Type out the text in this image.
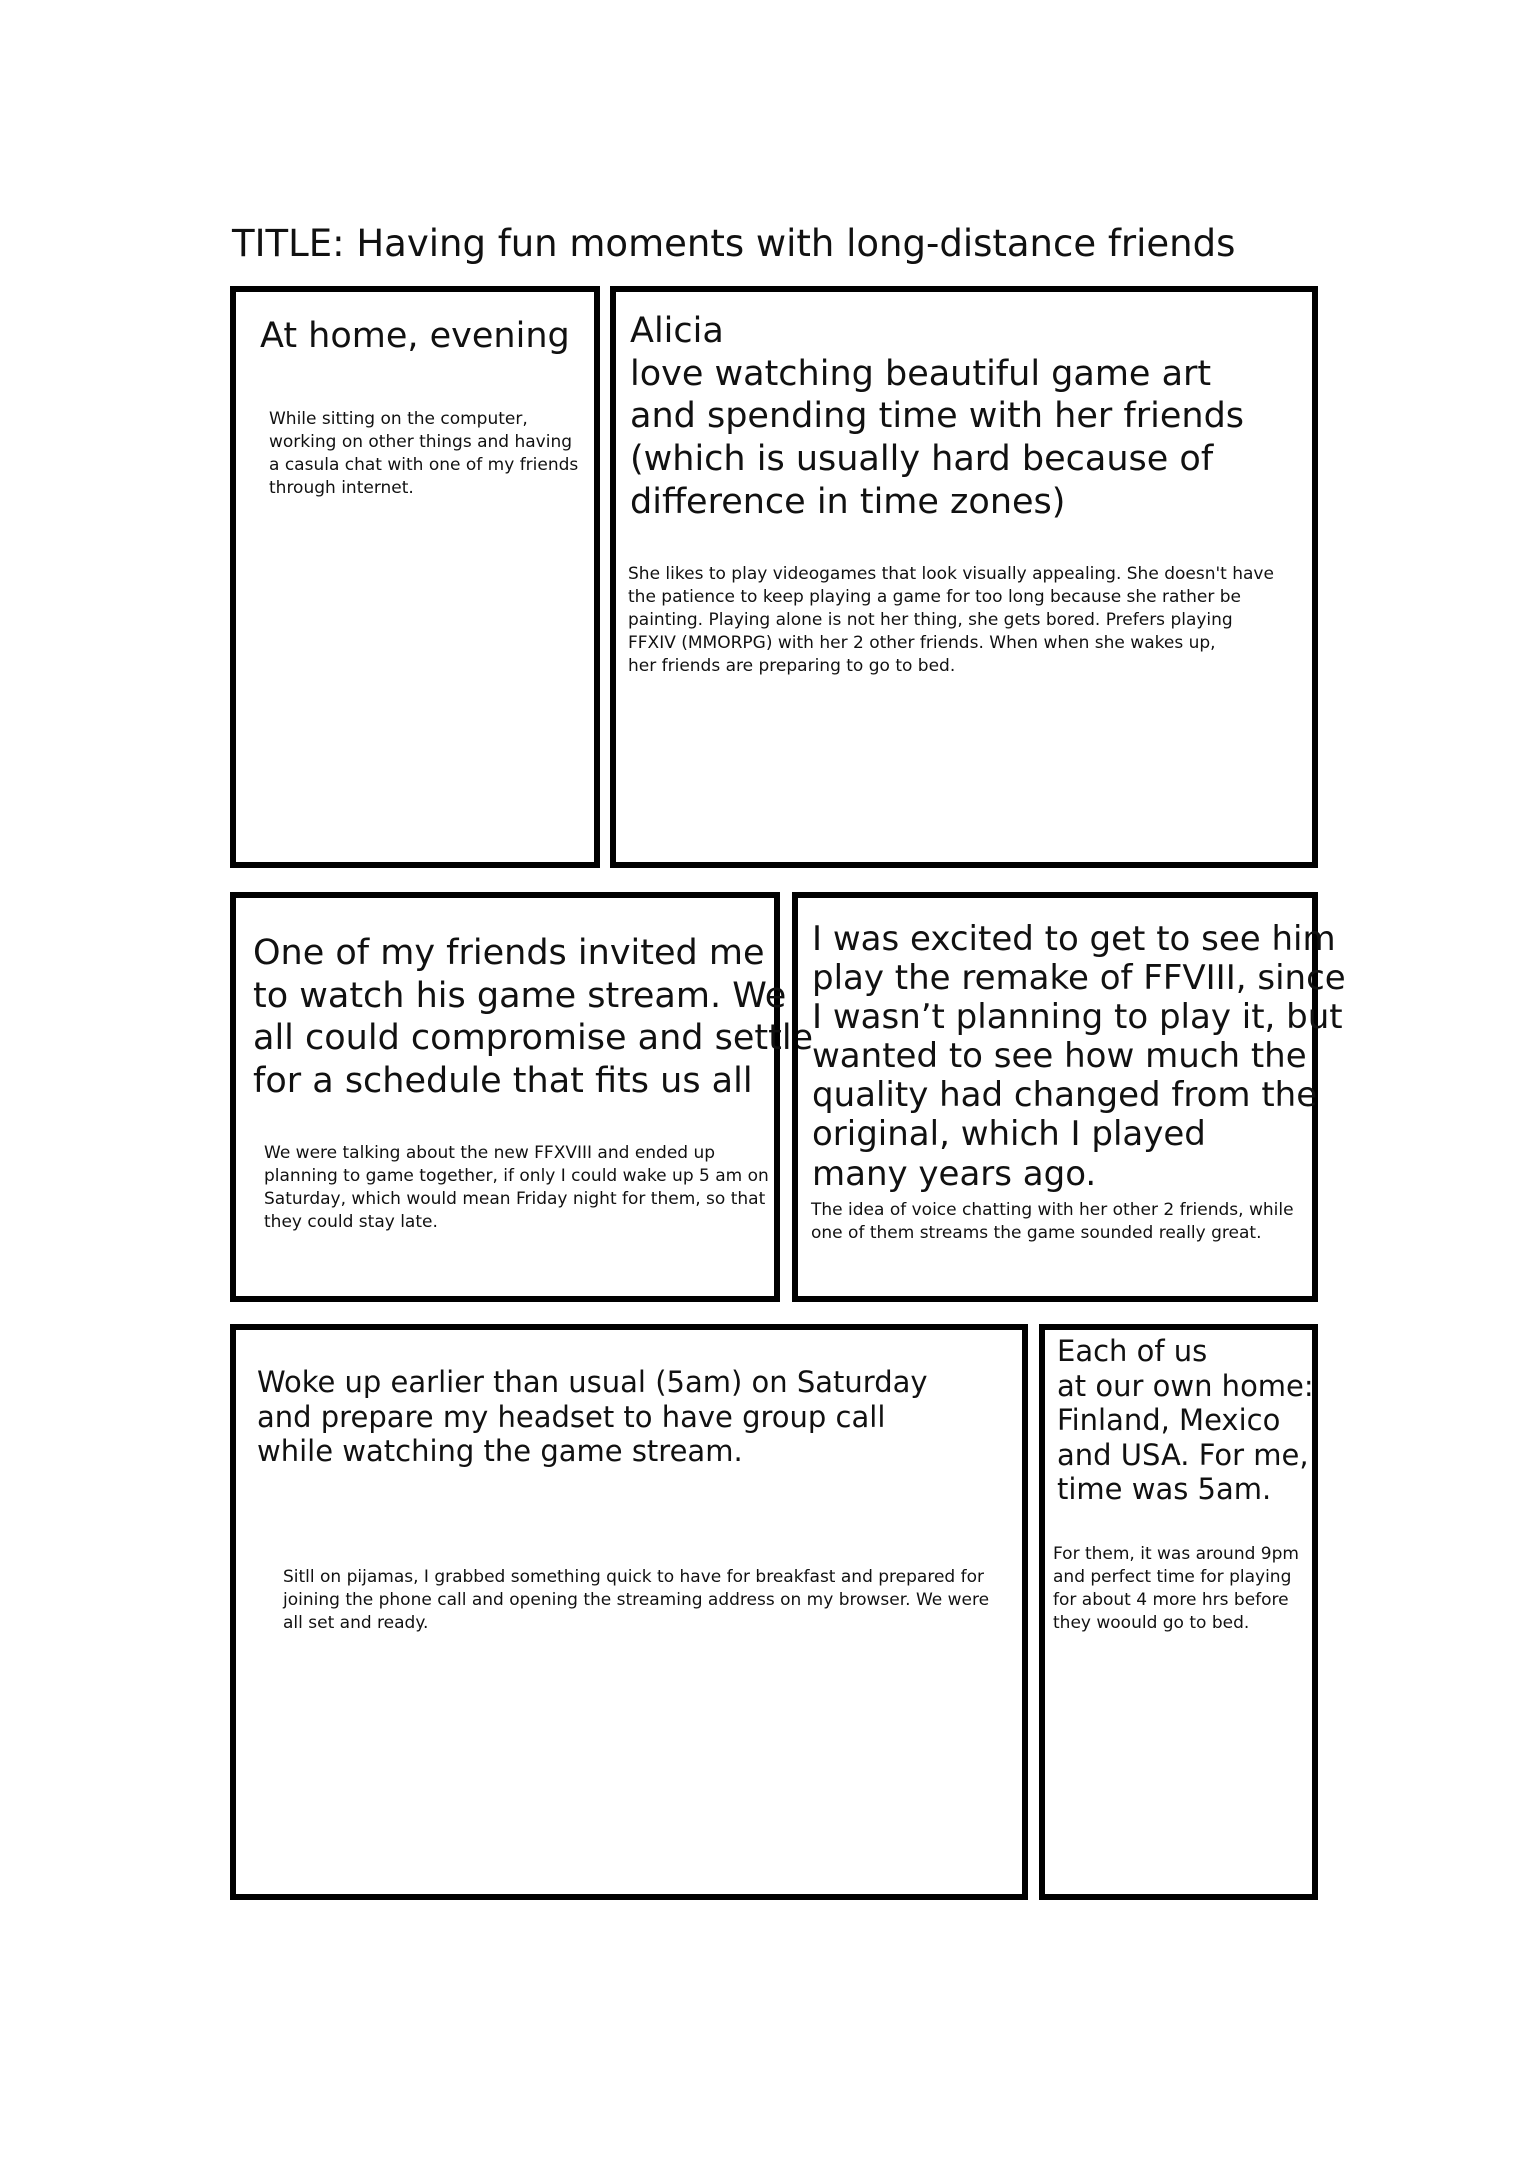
TITLE: Having fun moments with long-distance friends
At home, evening
While sitting on the computer,
working on other things and having
a casula chat with one of my friends
through internet.
Alicia
love watching beautiful game art
and spending time with her friends
(which is usually hard because of
difference in time zones)
She likes to play videogames that look visually appealing. She doesn't have
the patience to keep playing a game for too long because she rather be
painting. Playing alone is not her thing, she gets bored. Prefers playing
FFXIV (MMORPG) with her 2 other friends. When when she wakes up,
her friends are preparing to go to bed.
One of my friends invited me
to watch his game stream. We
all could compromise and settle
for a schedule that fits us all
We were talking about the new FFXVIII and ended up
planning to game together, if only I could wake up 5 am on
Saturday, which would mean Friday night for them, so that
they could stay late.
I was excited to get to see him
play the remake of FFVIII, since
I wasn’t planning to play it, but
wanted to see how much the
quality had changed from the
original, which I played
many years ago.
The idea of voice chatting with her other 2 friends, while
one of them streams the game sounded really great.
Woke up earlier than usual (5am) on Saturday
and prepare my headset to have group call
while watching the game stream.
Sitll on pijamas, I grabbed something quick to have for breakfast and prepared for
joining the phone call and opening the streaming address on my browser. We were
all set and ready.
Each of us
at our own home:
Finland, Mexico
and USA. For me,
time was 5am.
For them, it was around 9pm
and perfect time for playing
for about 4 more hrs before
they woould go to bed.
